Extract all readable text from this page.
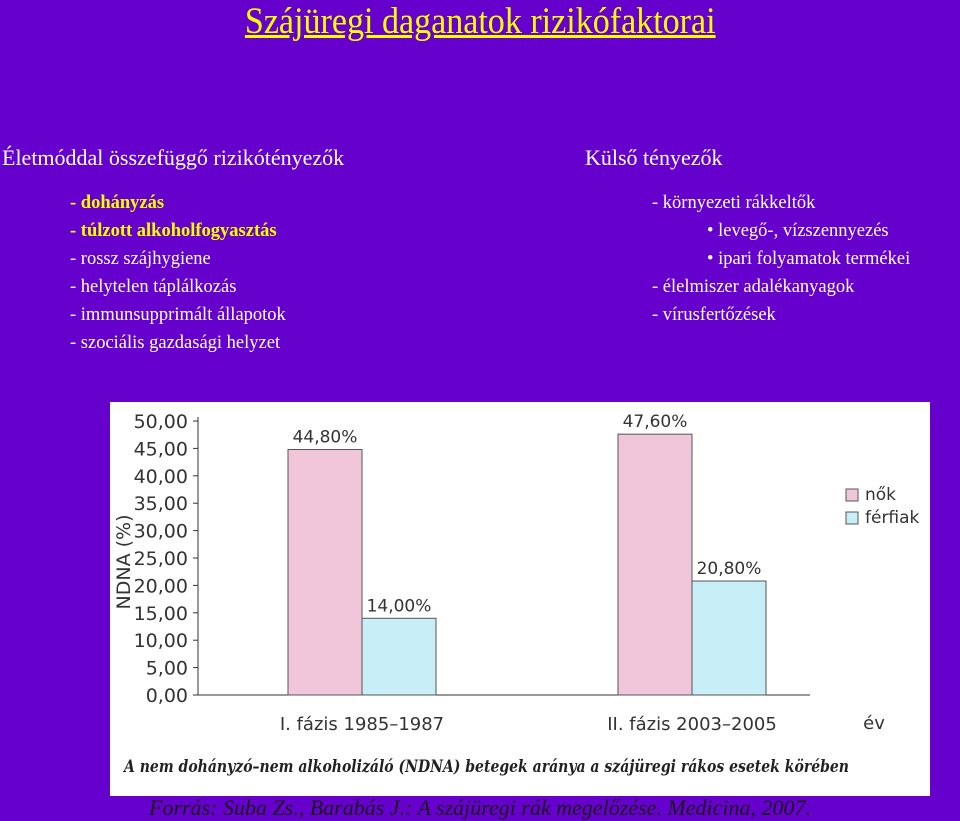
Szájüregi daganatok rizikófaktorai
Életmóddal összefüggő rizikótényezők	Külső tényezők
- dohányzás
- túlzott alkoholfogyasztás
- rossz szájhygiene
- helytelen táplálkozás
- immunsupprimált állapotok
- szociális gazdasági helyzet
- környezeti rákkeltők
• levegő-, vízszennyezés
• ipari folyamatok termékei
- élelmiszer adalékanyagok
- vírusfertőzések
0,00
5,00
10,00
15,00
20,00
25,00
30,00
35,00
40,00
45,00
50,00
NDNA (%)
44,80%
14,00%
I. fázis 1985–1987
47,60%
20,80%
II. fázis 2003–2005	év
nők
férfiak
A nem dohányzó–nem alkoholizáló (NDNA) betegek aránya a szájüregi rákos esetek körében
Forrás: Suba Zs., Barabás J.: A szájüregi rák megelőzése. Medicina, 2007.
